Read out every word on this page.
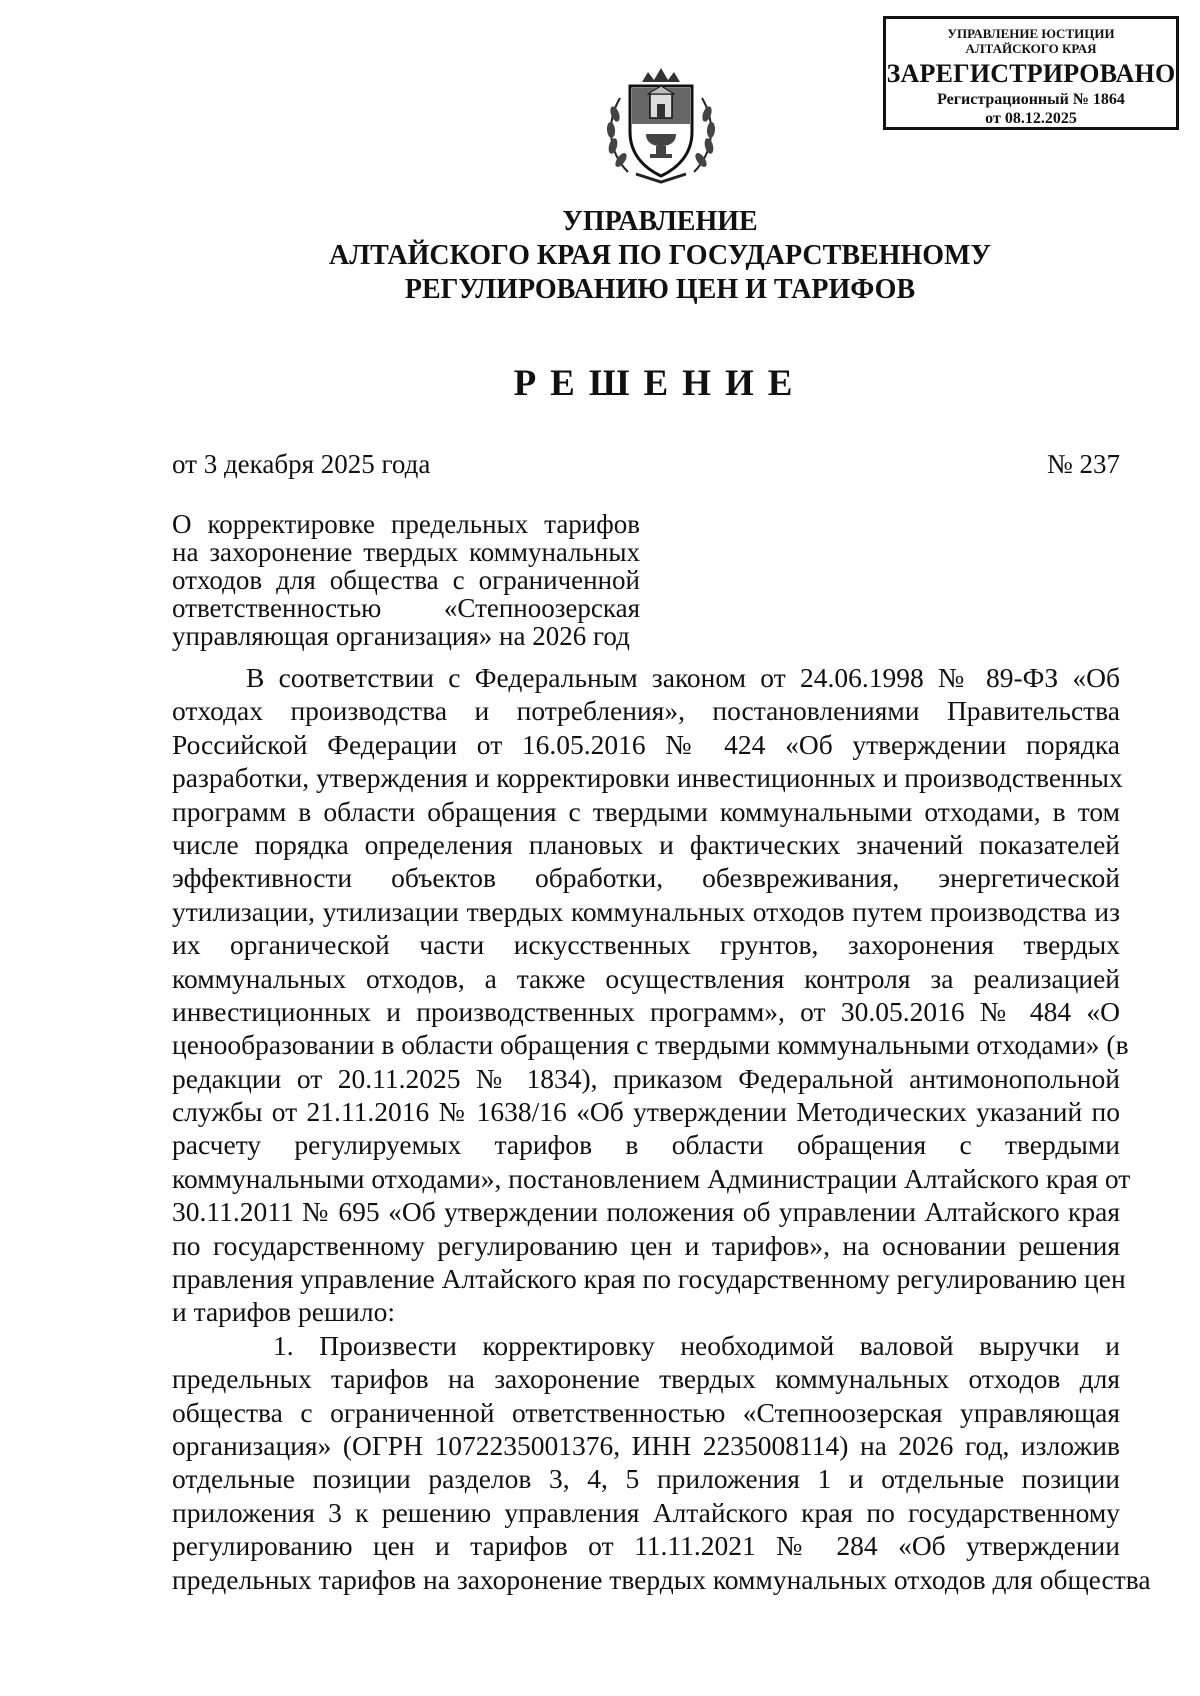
УПРАВЛЕНИЕ ЮСТИЦИИ
АЛТАЙСКОГО КРАЯ
ЗАРЕГИСТРИРОВАНО
Регистрационный № 1864
от 08.12.2025
УПРАВЛЕНИЕ
АЛТАЙСКОГО КРАЯ ПО ГОСУДАРСТВЕННОМУ
РЕГУЛИРОВАНИЮ ЦЕН И ТАРИФОВ
РЕШЕНИЕ
от 3 декабря 2025 года	№ 237
О корректировке предельных тарифов
на захоронение твердых коммунальных
отходов для общества с ограниченной
ответственностью «Степноозерская
управляющая организация» на 2026 год
В соответствии с Федеральным законом от 24.06.1998 № 89-ФЗ «Об
отходах производства и потребления», постановлениями Правительства
Российской Федерации от 16.05.2016 № 424 «Об утверждении порядка
разработки, утверждения и корректировки инвестиционных и производственных
программ в области обращения с твердыми коммунальными отходами, в том
числе порядка определения плановых и фактических значений показателей
эффективности объектов обработки, обезвреживания, энергетической
утилизации, утилизации твердых коммунальных отходов путем производства из
их органической части искусственных грунтов, захоронения твердых
коммунальных отходов, а также осуществления контроля за реализацией
инвестиционных и производственных программ», от 30.05.2016 № 484 «О
ценообразовании в области обращения с твердыми коммунальными отходами» (в
редакции от 20.11.2025 № 1834), приказом Федеральной антимонопольной
службы от 21.11.2016 № 1638/16 «Об утверждении Методических указаний по
расчету регулируемых тарифов в области обращения с твердыми
коммунальными отходами», постановлением Администрации Алтайского края от
30.11.2011 № 695 «Об утверждении положения об управлении Алтайского края
по государственному регулированию цен и тарифов», на основании решения
правления управление Алтайского края по государственному регулированию цен
и тарифов решило:
1. Произвести корректировку необходимой валовой выручки и
предельных тарифов на захоронение твердых коммунальных отходов для
общества с ограниченной ответственностью «Степноозерская управляющая
организация» (ОГРН 1072235001376, ИНН 2235008114) на 2026 год, изложив
отдельные позиции разделов 3, 4, 5 приложения 1 и отдельные позиции
приложения 3 к решению управления Алтайского края по государственному
регулированию цен и тарифов от 11.11.2021 № 284 «Об утверждении
предельных тарифов на захоронение твердых коммунальных отходов для общества
